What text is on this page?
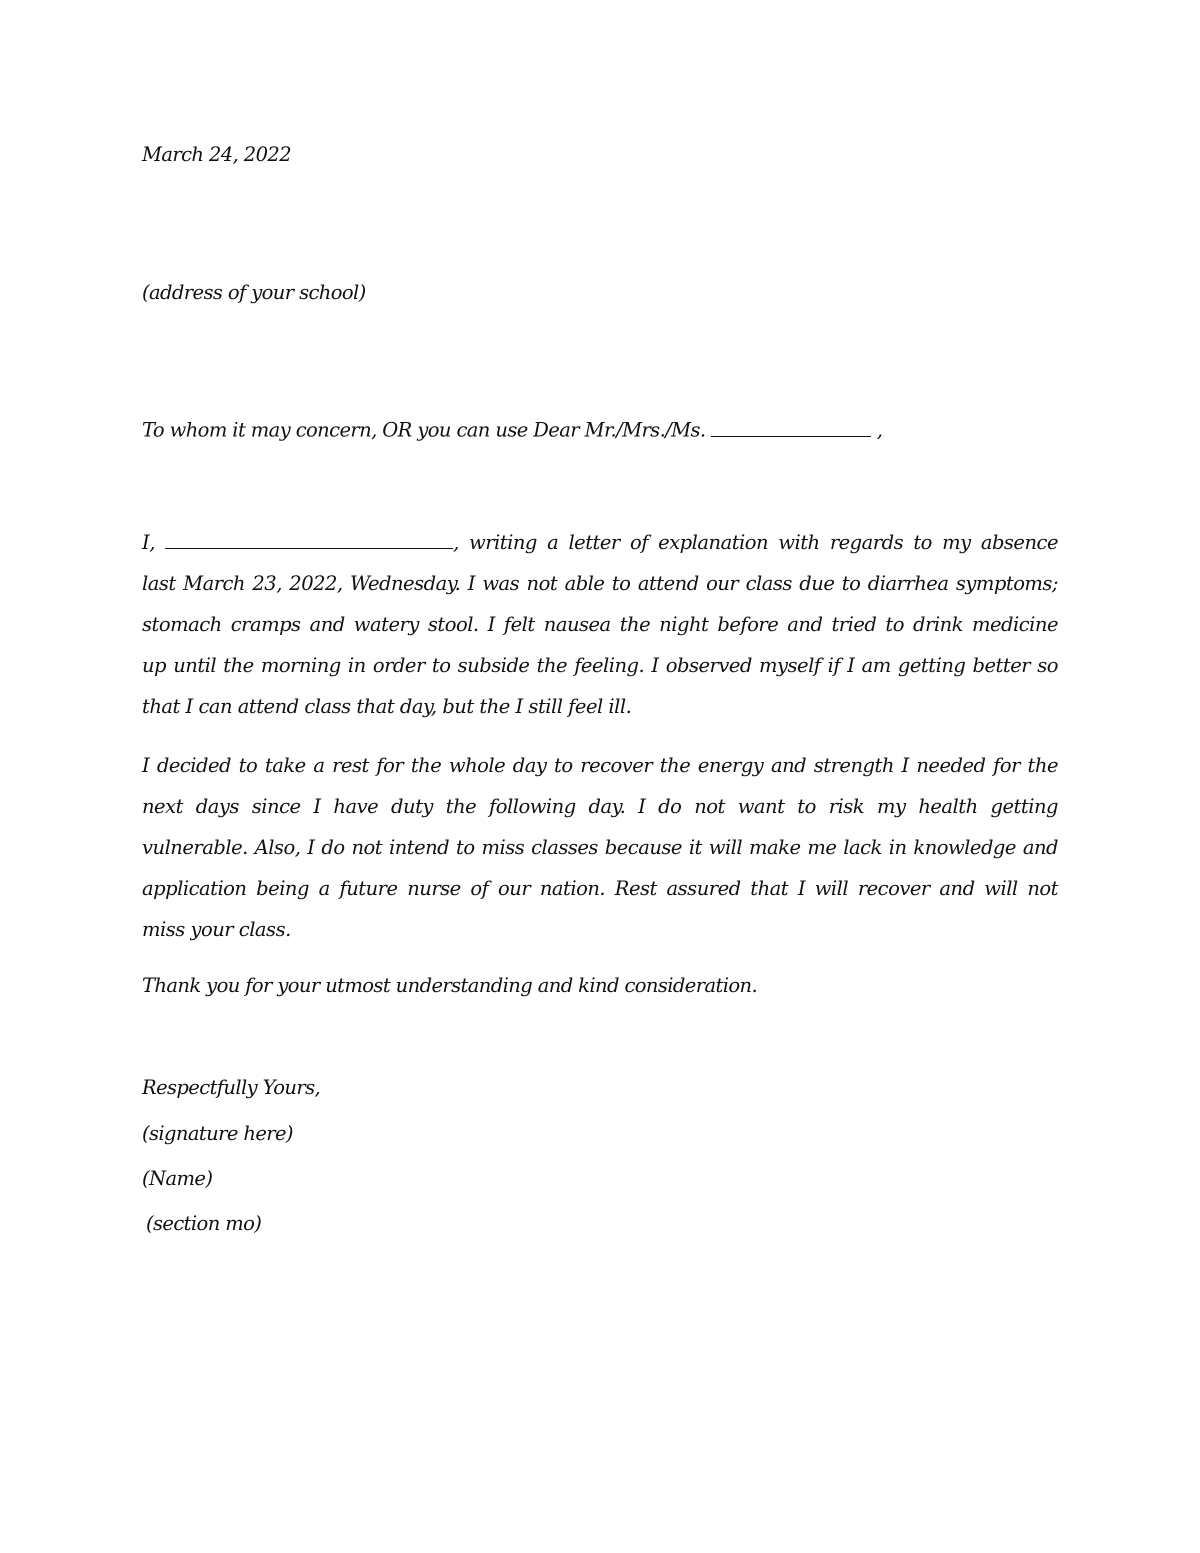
March 24, 2022
(address of your school)
To whom it may concern, OR you can use Dear Mr./Mrs./Ms.	,
I,	, writing a letter of explanation with regards to my absence
last March 23, 2022, Wednesday. I was not able to attend our class due to diarrhea symptoms;
stomach cramps and watery stool. I felt nausea the night before and tried to drink medicine
up until the morning in order to subside the feeling. I observed myself if I am getting better so
that I can attend class that day, but the I still feel ill.
I decided to take a rest for the whole day to recover the energy and strength I needed for the
next days since I have duty the following day. I do not want to risk my health getting
vulnerable. Also, I do not intend to miss classes because it will make me lack in knowledge and
application being a future nurse of our nation. Rest assured that I will recover and will not
miss your class.
Thank you for your utmost understanding and kind consideration.
Respectfully Yours,
(signature here)
(Name)
(section mo)
